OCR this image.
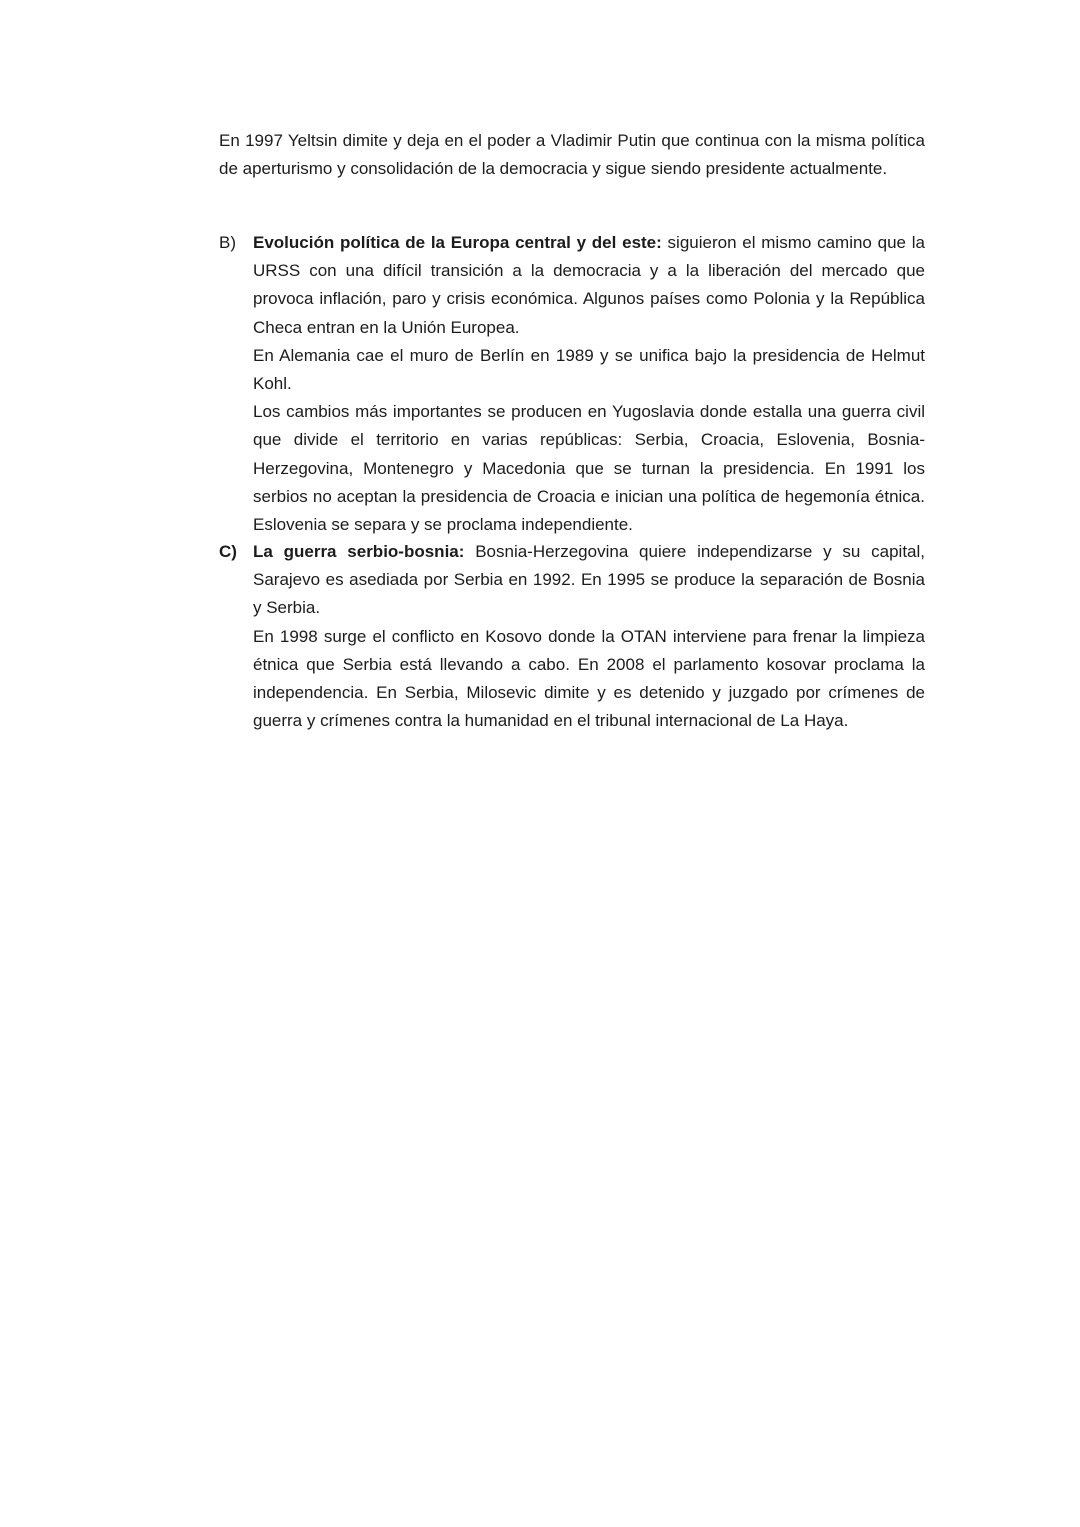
En 1997 Yeltsin dimite y deja en el poder a Vladimir Putin que continua con la misma política de aperturismo y consolidación de la democracia y sigue siendo presidente actualmente.

B)	Evolución política de la Europa central y del este: siguieron el mismo camino que la URSS con una difícil transición a la democracia y a la liberación del mercado que provoca inflación, paro y crisis económica. Algunos países como Polonia y la República Checa entran en la Unión Europea.

En Alemania cae el muro de Berlín en 1989 y se unifica bajo la presidencia de Helmut Kohl.

Los cambios más importantes se producen en Yugoslavia donde estalla una guerra civil que divide el territorio en varias repúblicas: Serbia, Croacia, Eslovenia, Bosnia-Herzegovina, Montenegro y Macedonia que se turnan la presidencia. En 1991 los serbios no aceptan la presidencia de Croacia e inician una política de hegemonía étnica. Eslovenia se separa y se proclama independiente.

C) La guerra serbio-bosnia: Bosnia-Herzegovina quiere independizarse y su capital, Sarajevo es asediada por Serbia en 1992. En 1995 se produce la separación de Bosnia y Serbia.

En 1998 surge el conflicto en Kosovo donde la OTAN interviene para frenar la limpieza étnica que Serbia está llevando a cabo. En 2008 el parlamento kosovar proclama la independencia. En Serbia, Milosevic dimite y es detenido y juzgado por crímenes de guerra y crímenes contra la humanidad en el tribunal internacional de La Haya.
